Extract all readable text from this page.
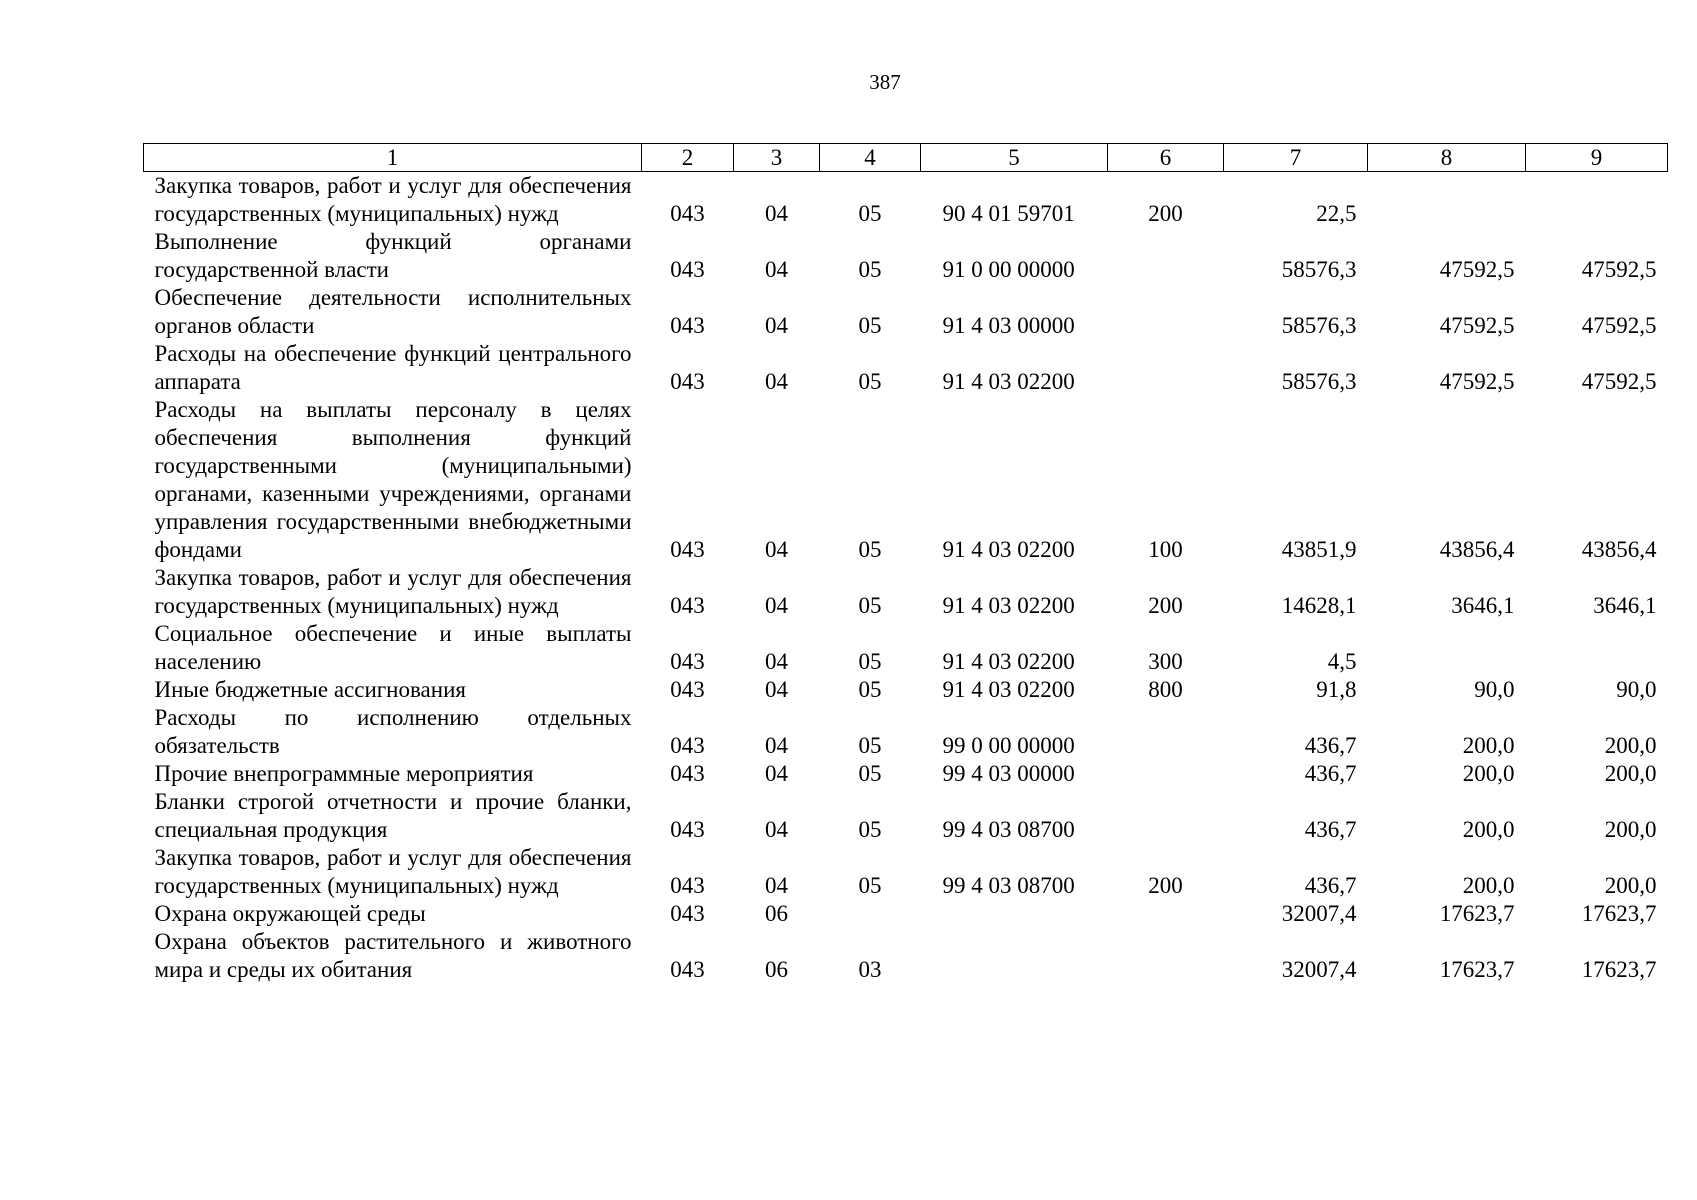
387
1	2	3	4	5	6	7	8	9

Закупка товаров, работ и услуг для обеспечения государственных (муниципальных) нужд	043	04	05	90 4 01 59701	200	22,5		

Выполнение функций органами государственной власти	043	04	05	91 0 00 00000		58576,3	47592,5	47592,5

Обеспечение деятельности исполнительных органов области	043	04	05	91 4 03 00000		58576,3	47592,5	47592,5

Расходы на обеспечение функций центрального аппарата	043	04	05	91 4 03 02200		58576,3	47592,5	47592,5

Расходы на выплаты персоналу в целях обеспечения выполнения функций государственными (муниципальными) органами, казенными учреждениями, органами управления государственными внебюджетными фондами	043	04	05	91 4 03 02200	100	43851,9	43856,4	43856,4

Закупка товаров, работ и услуг для обеспечения государственных (муниципальных) нужд	043	04	05	91 4 03 02200	200	14628,1	3646,1	3646,1

Социальное обеспечение и иные выплаты населению	043	04	05	91 4 03 02200	300	4,5		

Иные бюджетные ассигнования	043	04	05	91 4 03 02200	800	91,8	90,0	90,0

Расходы по исполнению отдельных обязательств	043	04	05	99 0 00 00000		436,7	200,0	200,0

Прочие внепрограммные мероприятия	043	04	05	99 4 03 00000		436,7	200,0	200,0

Бланки строгой отчетности и прочие бланки, специальная продукция	043	04	05	99 4 03 08700		436,7	200,0	200,0

Закупка товаров, работ и услуг для обеспечения государственных (муниципальных) нужд	043	04	05	99 4 03 08700	200	436,7	200,0	200,0

Охрана окружающей среды	043	06				32007,4	17623,7	17623,7

Охрана объектов растительного и животного мира и среды их обитания	043	06	03			32007,4	17623,7	17623,7
